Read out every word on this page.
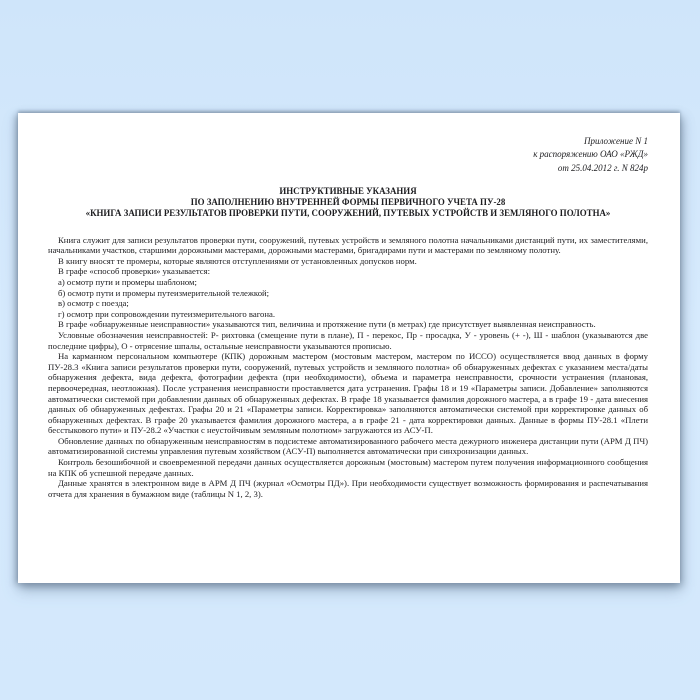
Приложение N 1
к распоряжению ОАО «РЖД»
от 25.04.2012 г. N 824р
ИНСТРУКТИВНЫЕ УКАЗАНИЯ
ПО ЗАПОЛНЕНИЮ ВНУТРЕННЕЙ ФОРМЫ ПЕРВИЧНОГО УЧЕТА ПУ-28
«КНИГА ЗАПИСИ РЕЗУЛЬТАТОВ ПРОВЕРКИ ПУТИ, СООРУЖЕНИЙ, ПУТЕВЫХ УСТРОЙСТВ И ЗЕМЛЯНОГО ПОЛОТНА»

Книга служит для записи результатов проверки пути, сооружений, путевых устройств и земляного полотна начальниками дистанций пути, их заместителями, начальниками участков, старшими дорожными мастерами, дорожными мастерами, бригадирами пути и мастерами по земляному полотну.

В книгу вносят те промеры, которые являются отступлениями от установленных допусков норм.

В графе «способ проверки» указывается:

а) осмотр пути и промеры шаблоном;

б) осмотр пути и промеры путеизмерительной тележкой;

в) осмотр с поезда;

г) осмотр при сопровождении путеизмерительного вагона.

В графе «обнаруженные неисправности» указываются тип, величина и протяжение пути (в метрах) где присутствует выявленная неисправность.

Условные обозначения неисправностей: Р- рихтовка (смещение пути в плане), П - перекос, Пр - просадка, У - уровень (+ -), Ш - шаблон (указываются две последние цифры), О - отрясение шпалы, остальные неисправности указываются прописью.

На карманном персональном компьютере (КПК) дорожным мастером (мостовым мастером, мастером по ИССО) осуществляется ввод данных в форму ПУ-28.3 «Книга записи результатов проверки пути, сооружений, путевых устройств и земляного полотна» об обнаруженных дефектах с указанием места/даты обнаружения дефекта, вида дефекта, фотографии дефекта (при необходимости), объема и параметра неисправности, срочности устранения (плановая, первоочередная, неотложная). После устранения неисправности проставляется дата устранения. Графы 18 и 19 «Параметры записи. Добавление» заполняются автоматически системой при добавлении данных об обнаруженных дефектах. В графе 18 указывается фамилия дорожного мастера, а в графе 19 - дата внесения данных об обнаруженных дефектах. Графы 20 и 21 «Параметры записи. Корректировка» заполняются автоматически системой при корректировке данных об обнаруженных дефектах. В графе 20 указывается фамилия дорожного мастера, а в графе 21 - дата корректировки данных. Данные в формы ПУ-28.1 «Плети бесстыкового пути» и ПУ-28.2 «Участки с неустойчивым земляным полотном» загружаются из АСУ-П.

Обновление данных по обнаруженным неисправностям в подсистеме автоматизированного рабочего места дежурного инженера дистанции пути (АРМ Д ПЧ) автоматизированной системы управления путевым хозяйством (АСУ-П) выполняется автоматически при синхронизации данных.

Контроль безошибочной и своевременной передачи данных осуществляется дорожным (мостовым) мастером путем получения информационного сообщения на КПК об успешной передаче данных.

Данные хранятся в электронном виде в АРМ Д ПЧ (журнал «Осмотры ПД»). При необходимости существует возможность формирования и распечатывания отчета для хранения в бумажном виде (таблицы N 1, 2, 3).
